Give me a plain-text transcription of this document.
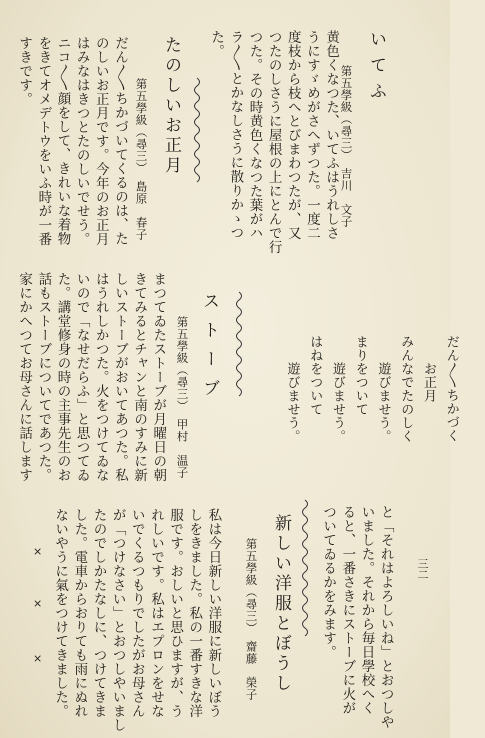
三二
いてふ
第五學級（尋三）　吉川　文子
黄色くなつた、いてふはうれしさ
うにすゞめがさへずつた。一度二
度枝から枝へとびまわつたが、又
つたのしさうに屋根の上にとんで行
つた。その時黄色くなつた葉がハ
ラ〳〵とかなしさうに散りかゝつ
た。
たのしいお正月
第五學級（尋三）　島原　春子
だん〳〵ちかづいてくるのは、た
のしいお正月です。今年のお正月
はみなはきつとたのしいでせう。
ニコ〳〵顔をして、きれいな着物
をきてオメデトウをいふ時が一番
すきです。

だん〳〵ちかづく
　　お正月
みんなでたのしく
　　遊びませう。
まりをついて
　　遊びませう。
はねをついて
　　遊びませう。

ストーブ
第五學級（尋三）　甲村　温子
まつてゐたストーブが月曜日の朝
きてみるとチャンと南のすみに新
しいストーブがおいてあつた。私
はうれしかつた。火をつけてゐな
いので「なせだらふ」と思つてゐ
た。講堂修身の時の主事先生のお
話もストーブについてであつた。
家にかへつてお母さんに話します
と「それはよろしいね」とおつしや
いました。それから毎日學校へく
ると、一番さきにストーブに火が
ついてゐるかをみます。
新しい洋服とぼうし
第五學級（尋三）　齋藤　榮子
私は今日新しい洋服に新しいぼう
しをきました。私の一番すきな洋
服です。おしいと思ひますが、う
れしいです。私はエプロンをせな
いでくるつもりでしたがお母さん
が「つけなさい」とおつしやいまし
たのでしかたなしに、つけてきま
した。電車からおりても雨にぬれ
ないやうに氣をつけてきました。
×
×
×
